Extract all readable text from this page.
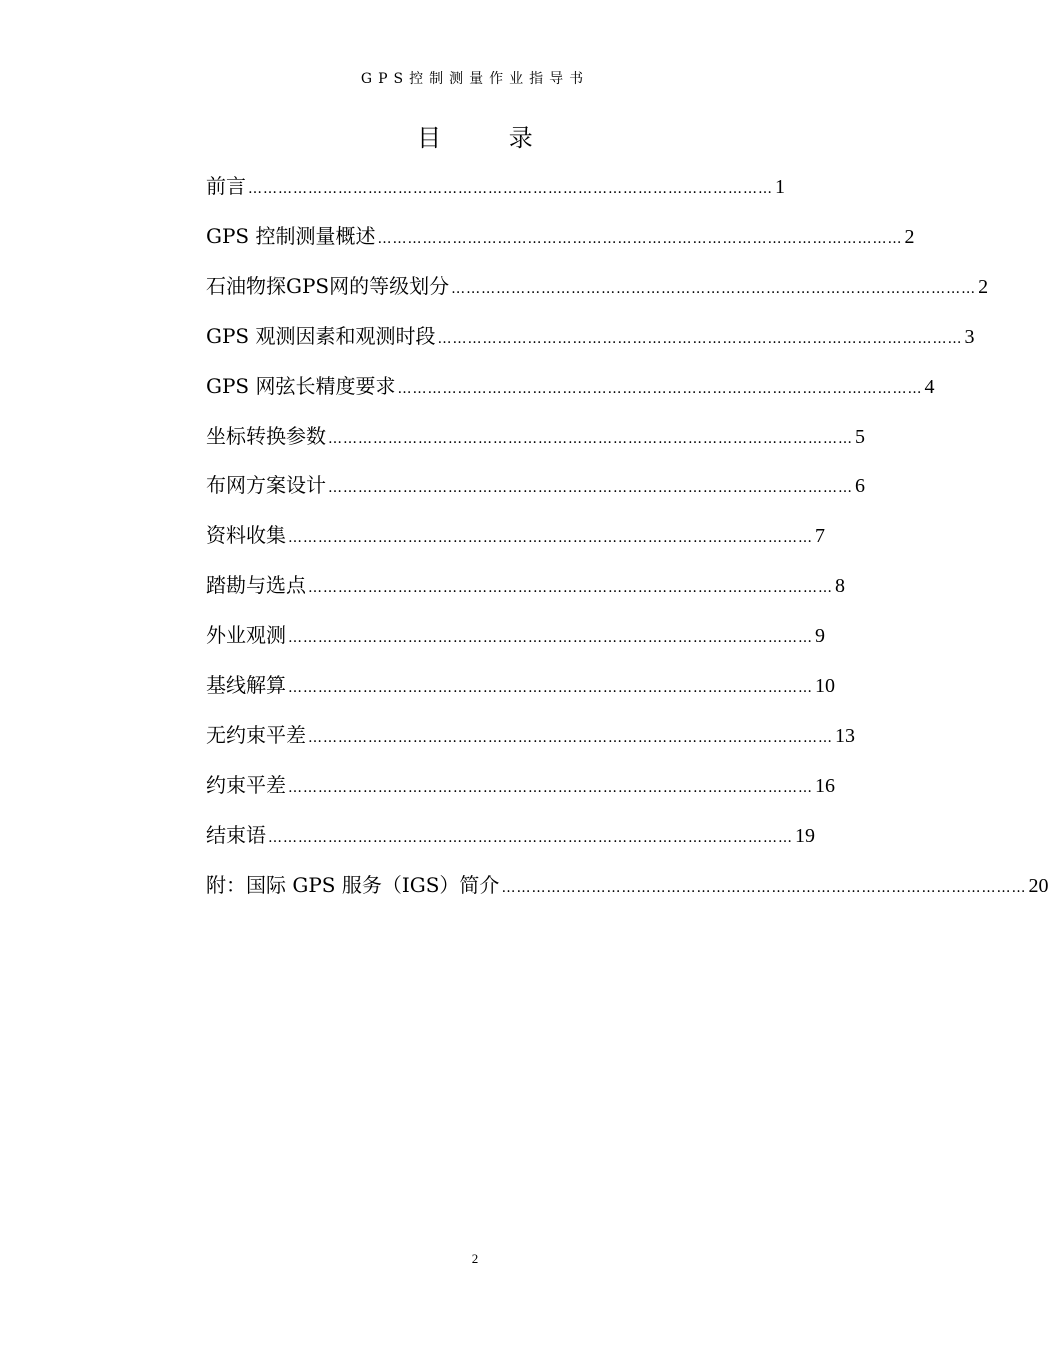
GPS控制测量作业指导书
目 录
前言 …………………………………………………………………………………………… 1
GPS 控制测量概述 …………………………………………………………………………………………… 2
石油物探GPS网的等级划分 …………………………………………………………………………………………… 2
GPS 观测因素和观测时段 …………………………………………………………………………………………… 3
GPS 网弦长精度要求 …………………………………………………………………………………………… 4
坐标转换参数 …………………………………………………………………………………………… 5
布网方案设计 …………………………………………………………………………………………… 6
资料收集 …………………………………………………………………………………………… 7
踏勘与选点 …………………………………………………………………………………………… 8
外业观测 …………………………………………………………………………………………… 9
基线解算 …………………………………………………………………………………………… 10
无约束平差 …………………………………………………………………………………………… 13
约束平差 …………………………………………………………………………………………… 16
结束语 …………………………………………………………………………………………… 19
附：国际 GPS 服务（IGS）简介 …………………………………………………………………………………………… 20
2
